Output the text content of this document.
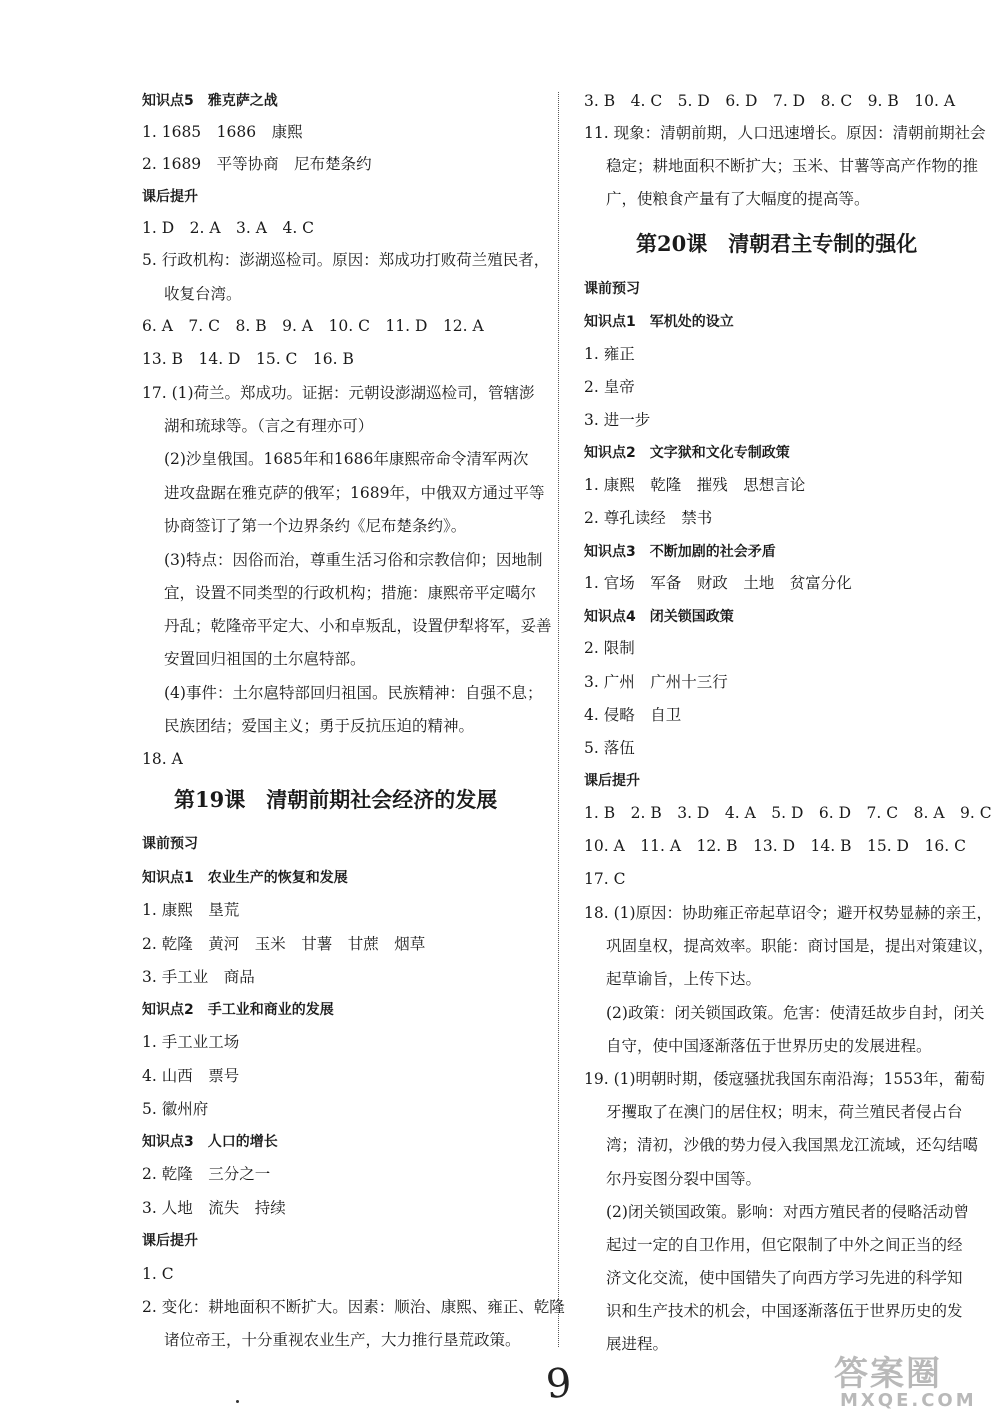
知识点5　雅克萨之战
1. 1685　1686　康熙
2. 1689　平等协商　尼布楚条约
课后提升
1. D　2. A　3. A　4. C
5. 行政机构：澎湖巡检司。原因：郑成功打败荷兰殖民者，
收复台湾。
6. A　7. C　8. B　9. A　10. C　11. D　12. A
13. B　14. D　15. C　16. B
17. (1)荷兰。郑成功。证据：元朝设澎湖巡检司，管辖澎
湖和琉球等。（言之有理亦可）
(2)沙皇俄国。1685年和1686年康熙帝命令清军两次
进攻盘踞在雅克萨的俄军；1689年，中俄双方通过平等
协商签订了第一个边界条约《尼布楚条约》。
(3)特点：因俗而治，尊重生活习俗和宗教信仰；因地制
宜，设置不同类型的行政机构；措施：康熙帝平定噶尔
丹乱；乾隆帝平定大、小和卓叛乱，设置伊犁将军，妥善
安置回归祖国的土尔扈特部。
(4)事件：土尔扈特部回归祖国。民族精神：自强不息；
民族团结；爱国主义；勇于反抗压迫的精神。
18. A
第19课　清朝前期社会经济的发展
课前预习
知识点1　农业生产的恢复和发展
1. 康熙　垦荒
2. 乾隆　黄河　玉米　甘薯　甘蔗　烟草
3. 手工业　商品
知识点2　手工业和商业的发展
1. 手工业工场
4. 山西　票号
5. 徽州府
知识点3　人口的增长
2. 乾隆　三分之一
3. 人地　流失　持续
课后提升
1. C
2. 变化：耕地面积不断扩大。因素：顺治、康熙、雍正、乾隆
诸位帝王，十分重视农业生产，大力推行垦荒政策。
3. B　4. C　5. D　6. D　7. D　8. C　9. B　10. A
11. 现象：清朝前期，人口迅速增长。原因：清朝前期社会
稳定；耕地面积不断扩大；玉米、甘薯等高产作物的推
广，使粮食产量有了大幅度的提高等。
第20课　清朝君主专制的强化
课前预习
知识点1　军机处的设立
1. 雍正
2. 皇帝
3. 进一步
知识点2　文字狱和文化专制政策
1. 康熙　乾隆　摧残　思想言论
2. 尊孔读经　禁书
知识点3　不断加剧的社会矛盾
1. 官场　军备　财政　土地　贫富分化
知识点4　闭关锁国政策
2. 限制
3. 广州　广州十三行
4. 侵略　自卫
5. 落伍
课后提升
1. B　2. B　3. D　4. A　5. D　6. D　7. C　8. A　9. C
10. A　11. A　12. B　13. D　14. B　15. D　16. C
17. C
18. (1)原因：协助雍正帝起草诏令；避开权势显赫的亲王，
巩固皇权，提高效率。职能：商讨国是，提出对策建议，
起草谕旨，上传下达。
(2)政策：闭关锁国政策。危害：使清廷故步自封，闭关
自守，使中国逐渐落伍于世界历史的发展进程。
19. (1)明朝时期，倭寇骚扰我国东南沿海；1553年，葡萄
牙攫取了在澳门的居住权；明末，荷兰殖民者侵占台
湾；清初，沙俄的势力侵入我国黑龙江流域，还勾结噶
尔丹妄图分裂中国等。
(2)闭关锁国政策。影响：对西方殖民者的侵略活动曾
起过一定的自卫作用，但它限制了中外之间正当的经
济文化交流，使中国错失了向西方学习先进的科学知
识和生产技术的机会，中国逐渐落伍于世界历史的发
展进程。
9	答案圈
MXQE.COM
